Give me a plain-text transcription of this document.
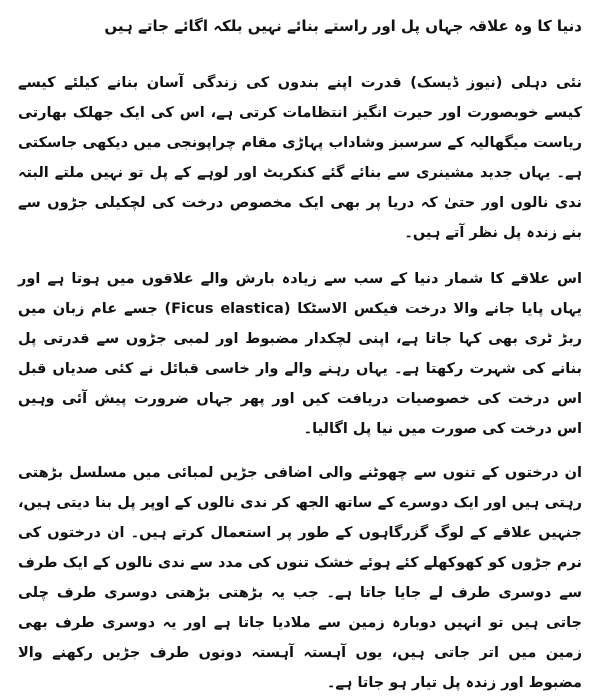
دنیا کا وہ علاقہ جہاں پل اور راستے بنائے نہیں بلکہ اگائے جاتے ہیں

نئی دہلی (نیوز ڈیسک) قدرت اپنے بندوں کی زندگی آسان بنانے کیلئے کیسے کیسے خوبصورت اور حیرت انگیز انتظامات کرتی ہے، اس کی ایک جھلک بھارتی ریاست میگھالیہ کے سرسبز وشاداب پہاڑی مقام چراپونجی میں دیکھی جاسکتی ہے۔ یہاں جدید مشینری سے بنائے گئے کنکریٹ اور لوہے کے پل تو نہیں ملتے البتہ ندی نالوں اور حتیٰ کہ دریا پر بھی ایک مخصوص درخت کی لچکیلی جڑوں سے بنے زندہ پل نظر آتے ہیں۔

اس علاقے کا شمار دنیا کے سب سے زیادہ بارش والے علاقوں میں ہوتا ہے اور یہاں پایا جانے والا درخت فیکس الاسٹکا (Ficus elastica) جسے عام زبان میں ربڑ ٹری بھی کہا جاتا ہے، اپنی لچکدار مضبوط اور لمبی جڑوں سے قدرتی پل بنانے کی شہرت رکھتا ہے۔ یہاں رہنے والے وار خاسی قبائل نے کئی صدیاں قبل اس درخت کی خصوصیات دریافت کیں اور پھر جہاں ضرورت پیش آئی وہیں اس درخت کی صورت میں نیا پل اگالیا۔

ان درختوں کے تنوں سے چھوٹنے والی اضافی جڑیں لمبائی میں مسلسل بڑھتی رہتی ہیں اور ایک دوسرے کے ساتھ الجھ کر ندی نالوں کے اوپر پل بنا دیتی ہیں، جنہیں علاقے کے لوگ گزرگاہوں کے طور پر استعمال کرتے ہیں۔ ان درختوں کی نرم جڑوں کو کھوکھلے کئے ہوئے خشک تنوں کی مدد سے ندی نالوں کے ایک طرف سے دوسری طرف لے جایا جاتا ہے۔ جب یہ بڑھتی بڑھتی دوسری طرف چلی جاتی ہیں تو انہیں دوبارہ زمین سے ملادیا جاتا ہے اور یہ دوسری طرف بھی زمین میں اتر جاتی ہیں، یوں آہستہ آہستہ دونوں طرف جڑیں رکھنے والا مضبوط اور زندہ پل تیار ہو جاتا ہے۔
